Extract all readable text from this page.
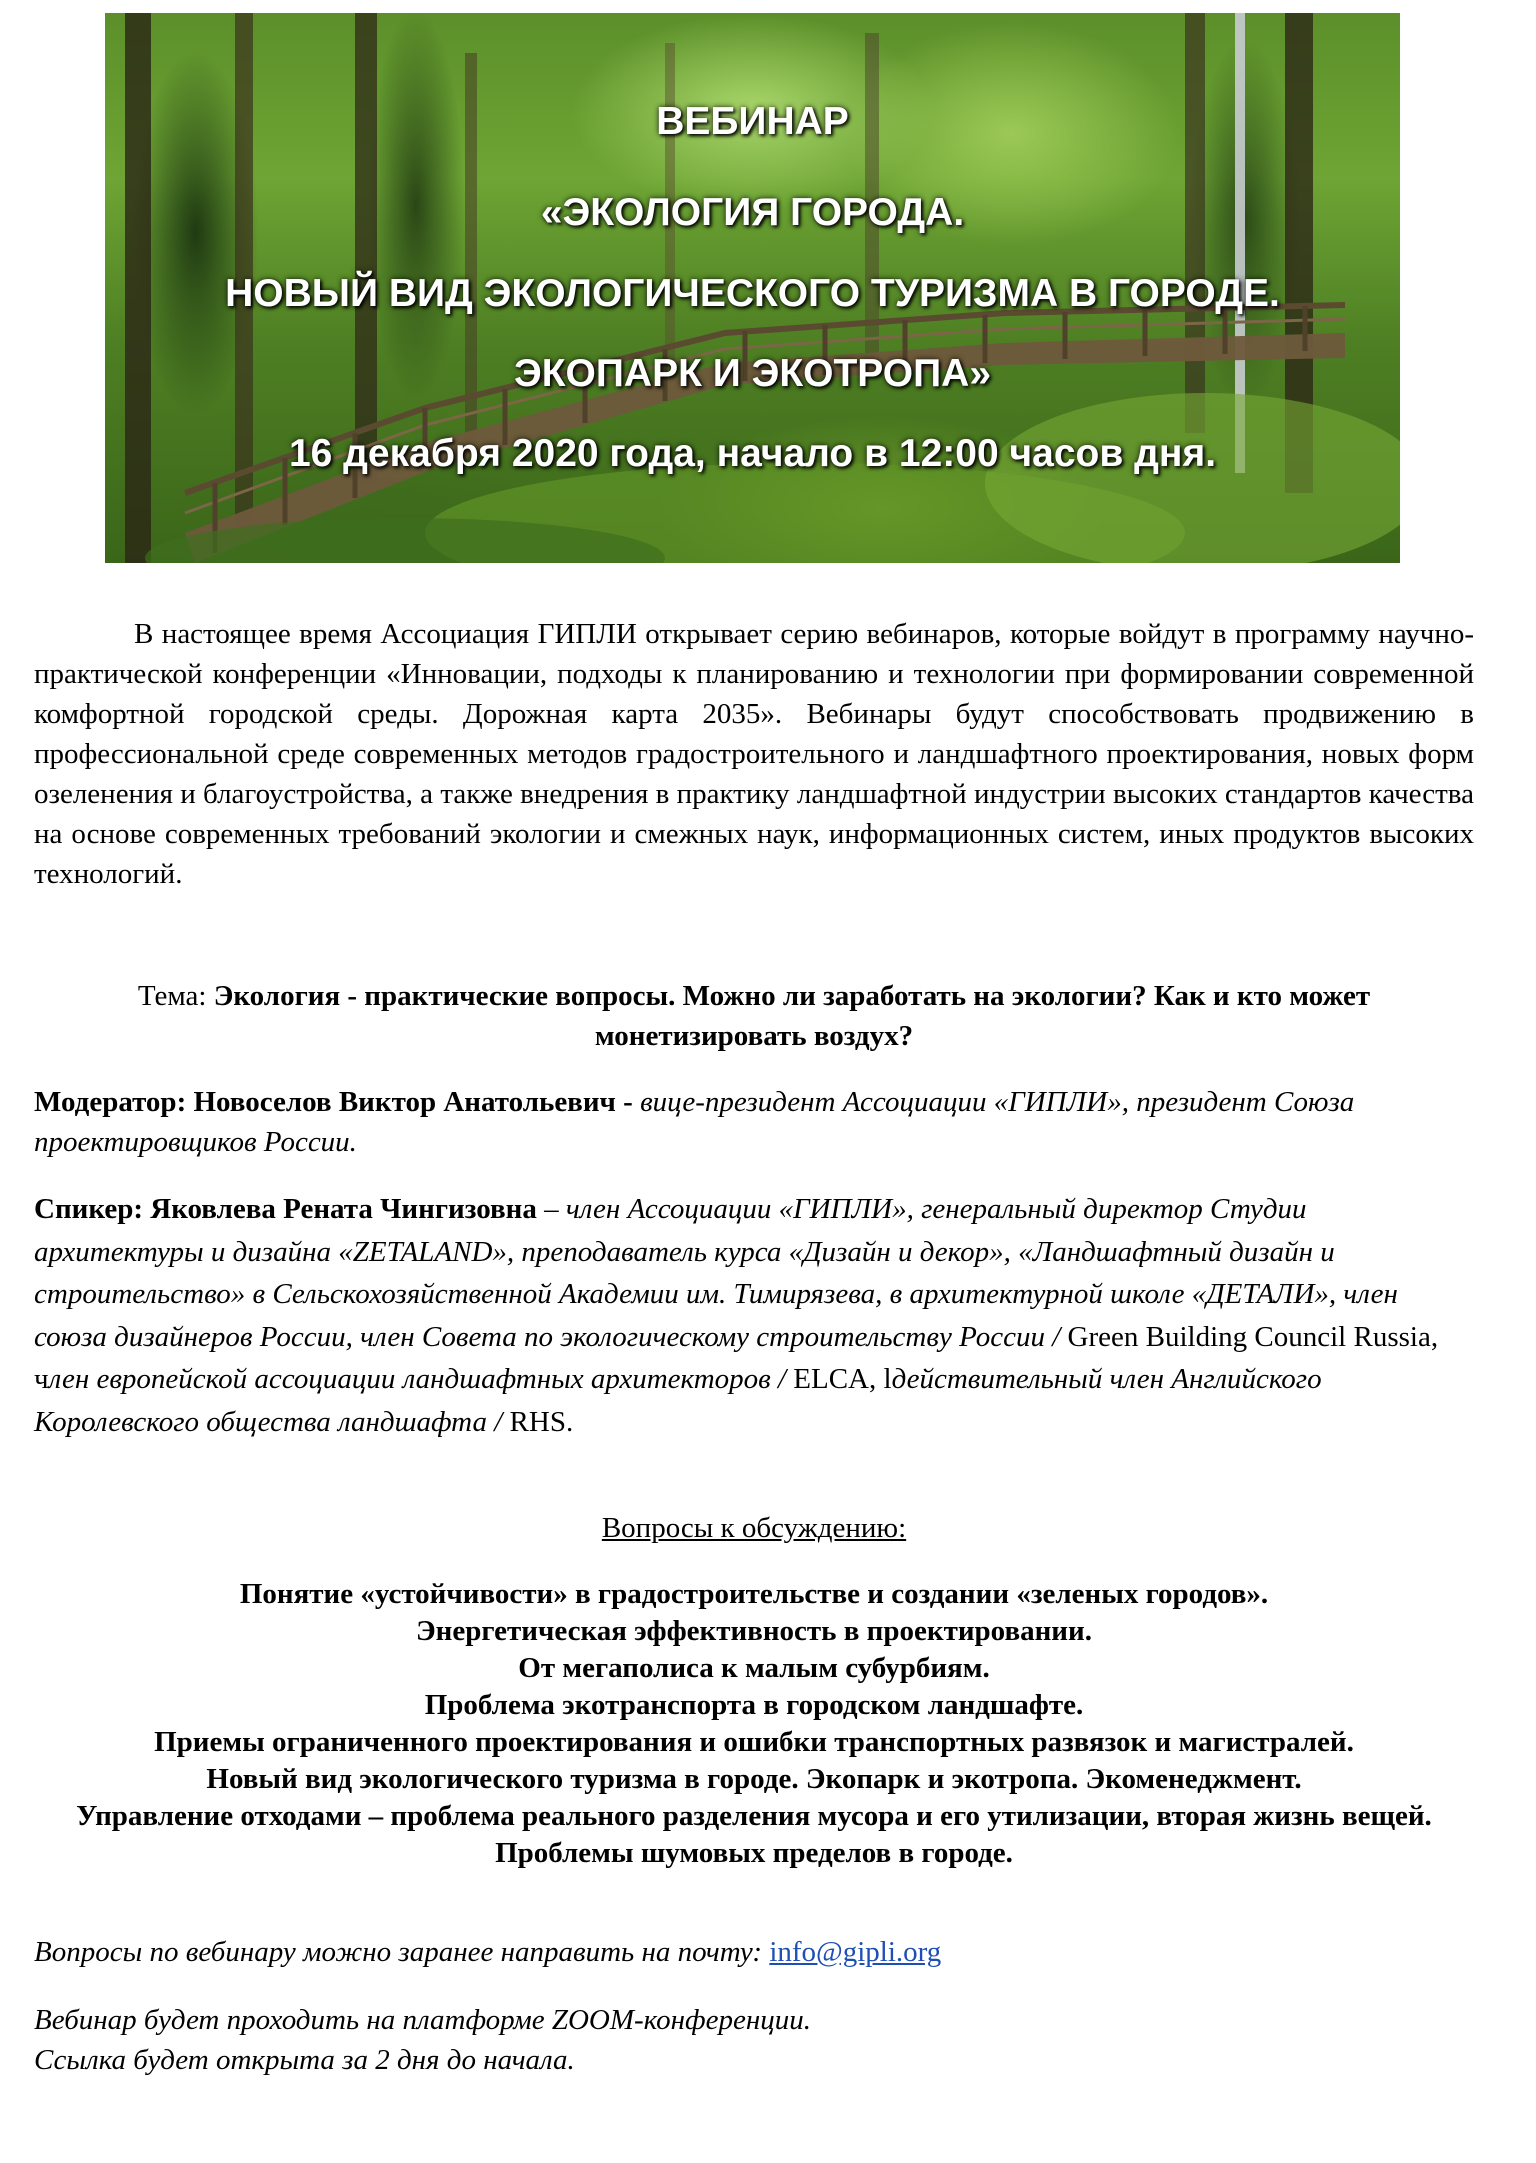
ВЕБИНАР
«ЭКОЛОГИЯ ГОРОДА.
НОВЫЙ ВИД ЭКОЛОГИЧЕСКОГО ТУРИЗМА В ГОРОДЕ.
ЭКОПАРК И ЭКОТРОПА»
16 декабря 2020 года, начало в 12:00 часов дня.
В настоящее время Ассоциация ГИПЛИ открывает серию вебинаров, которые войдут в программу научно-практической конференции «Инновации, подходы к планированию и технологии при формировании современной комфортной городской среды. Дорожная карта 2035». Вебинары будут способствовать продвижению в профессиональной среде современных методов градостроительного и ландшафтного проектирования, новых форм озеленения и благоустройства, а также внедрения в практику ландшафтной индустрии высоких стандартов качества на основе современных требований экологии и смежных наук, информационных систем, иных продуктов высоких технологий.
Тема: Экология - практические вопросы. Можно ли заработать на экологии? Как и кто может монетизировать воздух?
Модератор: Новоселов Виктор Анатольевич - вице-президент Ассоциации «ГИПЛИ», президент Союза проектировщиков России.
Спикер: Яковлева Рената Чингизовна – член Ассоциации «ГИПЛИ», генеральный директор Студии архитектуры и дизайна «ZETALAND», преподаватель курса «Дизайн и декор», «Ландшафтный дизайн и строительство» в Сельскохозяйственной Академии им. Тимирязева, в архитектурной школе «ДЕТАЛИ», член союза дизайнеров России, член Совета по экологическому строительству России / Green Building Council Russia, член европейской ассоциации ландшафтных архитекторов / ELCA, lдействительный член Английского Королевского общества ландшафта / RHS.
Вопросы к обсуждению:
Понятие «устойчивости» в градостроительстве и создании «зеленых городов».
Энергетическая эффективность в проектировании.
От мегаполиса к малым субурбиям.
Проблема экотранспорта в городском ландшафте.
Приемы ограниченного проектирования и ошибки транспортных развязок и магистралей.
Новый вид экологического туризма в городе. Экопарк и экотропа. Экоменеджмент.
Управление отходами – проблема реального разделения мусора и его утилизации, вторая жизнь вещей.
Проблемы шумовых пределов в городе.
Вопросы по вебинару можно заранее направить на почту: info@gipli.org
Вебинар будет проходить на платформе ZOOM-конференции.
Ссылка будет открыта за 2 дня до начала.
